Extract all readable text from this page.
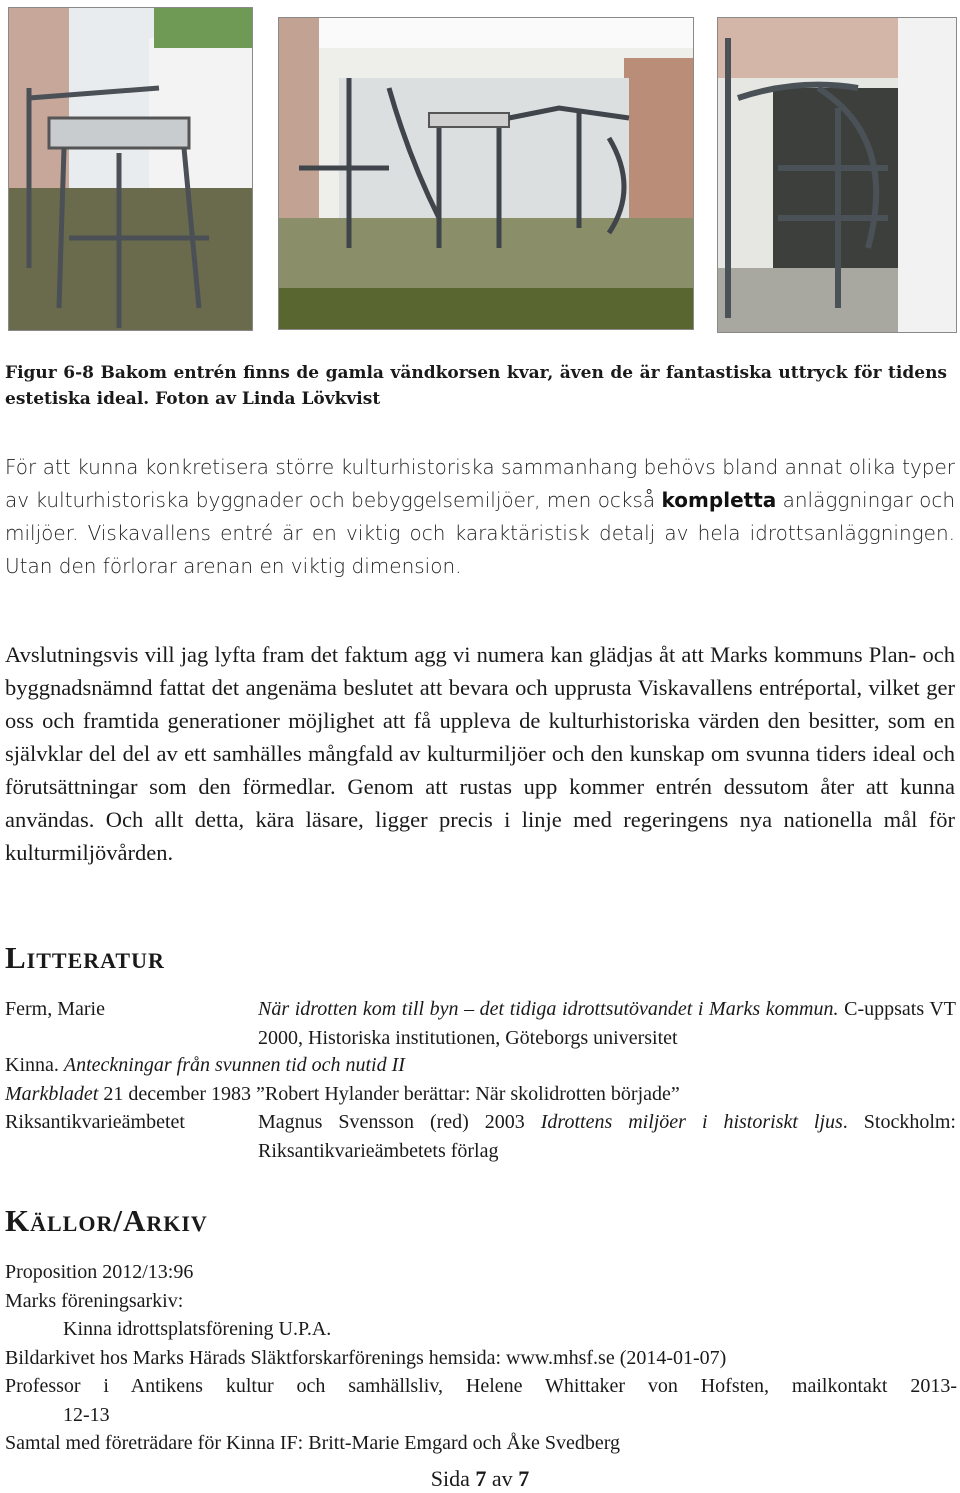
Figur 6-8 Bakom entrén finns de gamla vändkorsen kvar, även de är fantastiska uttryck för tidens estetiska ideal. Foton av Linda Lövkvist
För att kunna konkretisera större kulturhistoriska sammanhang behövs bland annat olika typer av kulturhistoriska byggnader och bebyggelsemiljöer, men också kompletta anläggningar och miljöer. Viskavallens entré är en viktig och karaktäristisk detalj av hela idrottsanläggningen. Utan den förlorar arenan en viktig dimension.
Avslutningsvis vill jag lyfta fram det faktum agg vi numera kan glädjas åt att Marks kommuns Plan- och byggnadsnämnd fattat det angenäma beslutet att bevara och upprusta Viskavallens entréportal, vilket ger oss och framtida generationer möjlighet att få uppleva de kulturhistoriska värden den besitter, som en självklar del del av ett samhälles mångfald av kulturmiljöer och den kunskap om svunna tiders ideal och förutsättningar som den förmedlar. Genom att rustas upp kommer entrén dessutom åter att kunna användas. Och allt detta, kära läsare, ligger precis i linje med regeringens nya nationella mål för kulturmiljövården.
Litteratur
Ferm, Marie	När idrotten kom till byn – det tidiga idrottsutövandet i Marks kommun. C-uppsats VT 2000, Historiska institutionen, Göteborgs universitet
Kinna. Anteckningar från svunnen tid och nutid II
Markbladet 21 december 1983 ”Robert Hylander berättar: När skolidrotten började”
Riksantikvarieämbetet	Magnus Svensson (red) 2003 Idrottens miljöer i historiskt ljus. Stockholm: Riksantikvarieämbetets förlag
Källor/Arkiv
Proposition 2012/13:96
Marks föreningsarkiv:
Kinna idrottsplatsförening U.P.A.
Bildarkivet hos Marks Härads Släktforskarförenings hemsida: www.mhsf.se (2014-01-07)
Professor i Antikens kultur och samhällsliv, Helene Whittaker von Hofsten, mailkontakt 2013-
12-13
Samtal med företrädare för Kinna IF: Britt-Marie Emgard och Åke Svedberg
Sida 7 av 7
